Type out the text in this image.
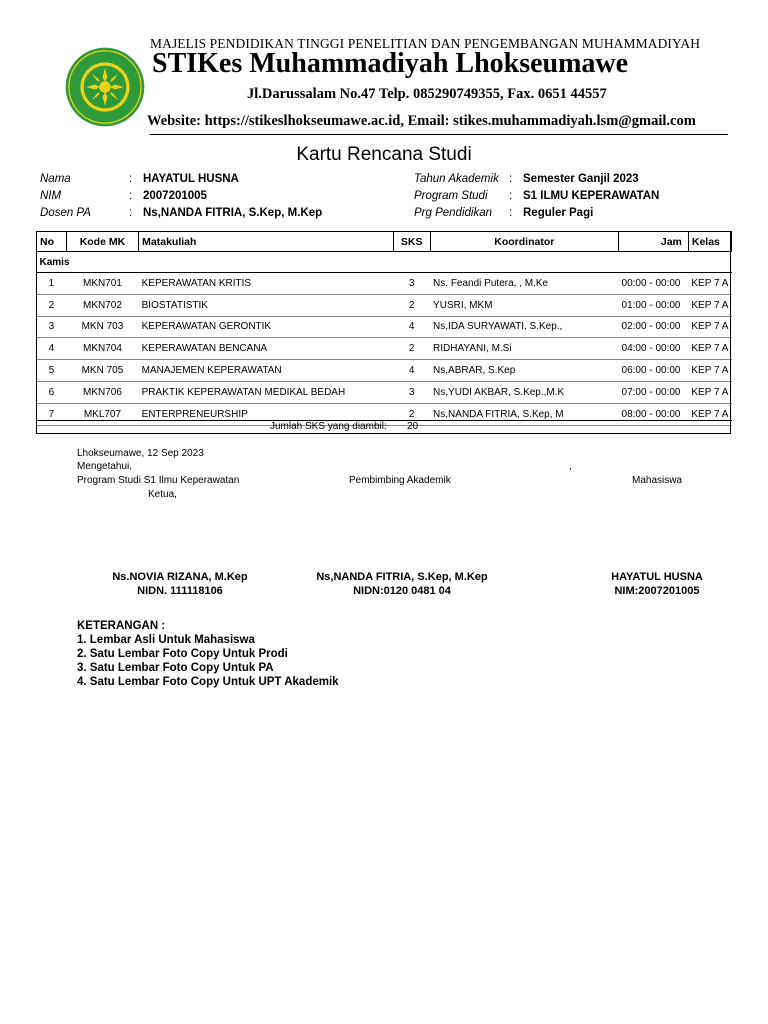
MAJELIS PENDIDIKAN TINGGI PENELITIAN DAN PENGEMBANGAN MUHAMMADIYAH
STIKes Muhammadiyah Lhokseumawe
Jl.Darussalam No.47 Telp. 085290749355, Fax. 0651 44557
Website: https://stikeslhokseumawe.ac.id, Email: stikes.muhammadiyah.lsm@gmail.com
Kartu Rencana Studi
Nama	: HAYATUL HUSNA
NIM	: 2007201005
Dosen PA	: Ns,NANDA FITRIA, S.Kep, M.Kep
Tahun Akademik : Semester Ganjil 2023
Program Studi : S1 ILMU KEPERAWATAN
Prg Pendidikan : Reguler Pagi
No	Kode MK	Matakuliah	SKS	Koordinator	Jam	Kelas
Kamis						
1	MKN701	KEPERAWATAN KRITIS	3	Ns. Feandi Putera, , M.Ke	00:00 - 00:00	KEP 7 A
2	MKN702	BIOSTATISTIK	2	YUSRI, MKM	01:00 - 00:00	KEP 7 A
3	MKN 703	KEPERAWATAN GERONTIK	4	Ns,IDA SURYAWATI, S.Kep.,	02:00 - 00:00	KEP 7 A
4	MKN704	KEPERAWATAN BENCANA	2	RIDHAYANI, M.Si	04:00 - 00:00	KEP 7 A
5	MKN 705	MANAJEMEN KEPERAWATAN	4	Ns,ABRAR, S.Kep	06:00 - 00:00	KEP 7 A
6	MKN706	PRAKTIK KEPERAWATAN MEDIKAL BEDAH	3	Ns,YUDI AKBAR, S.Kep.,M.K	07:00 - 00:00	KEP 7 A
7	MKL707	ENTERPRENEURSHIP	2	Ns,NANDA FITRIA, S.Kep, M	08:00 - 00:00	KEP 7 A
Jumlah SKS yang diambil: 20
Lhokseumawe, 12 Sep 2023
Mengetahui,	,
Program Studi S1 Ilmu Keperawatan	Pembimbing Akademik	Mahasiswa
Ketua,
Ns.NOVIA RIZANA, M.Kep
NIDN. 111118106
Ns,NANDA FITRIA, S.Kep, M.Kep
NIDN:0120 0481 04
HAYATUL HUSNA
NIM:2007201005
KETERANGAN :
1. Lembar Asli Untuk Mahasiswa
2. Satu Lembar Foto Copy Untuk Prodi
3. Satu Lembar Foto Copy Untuk PA
4. Satu Lembar Foto Copy Untuk UPT Akademik
